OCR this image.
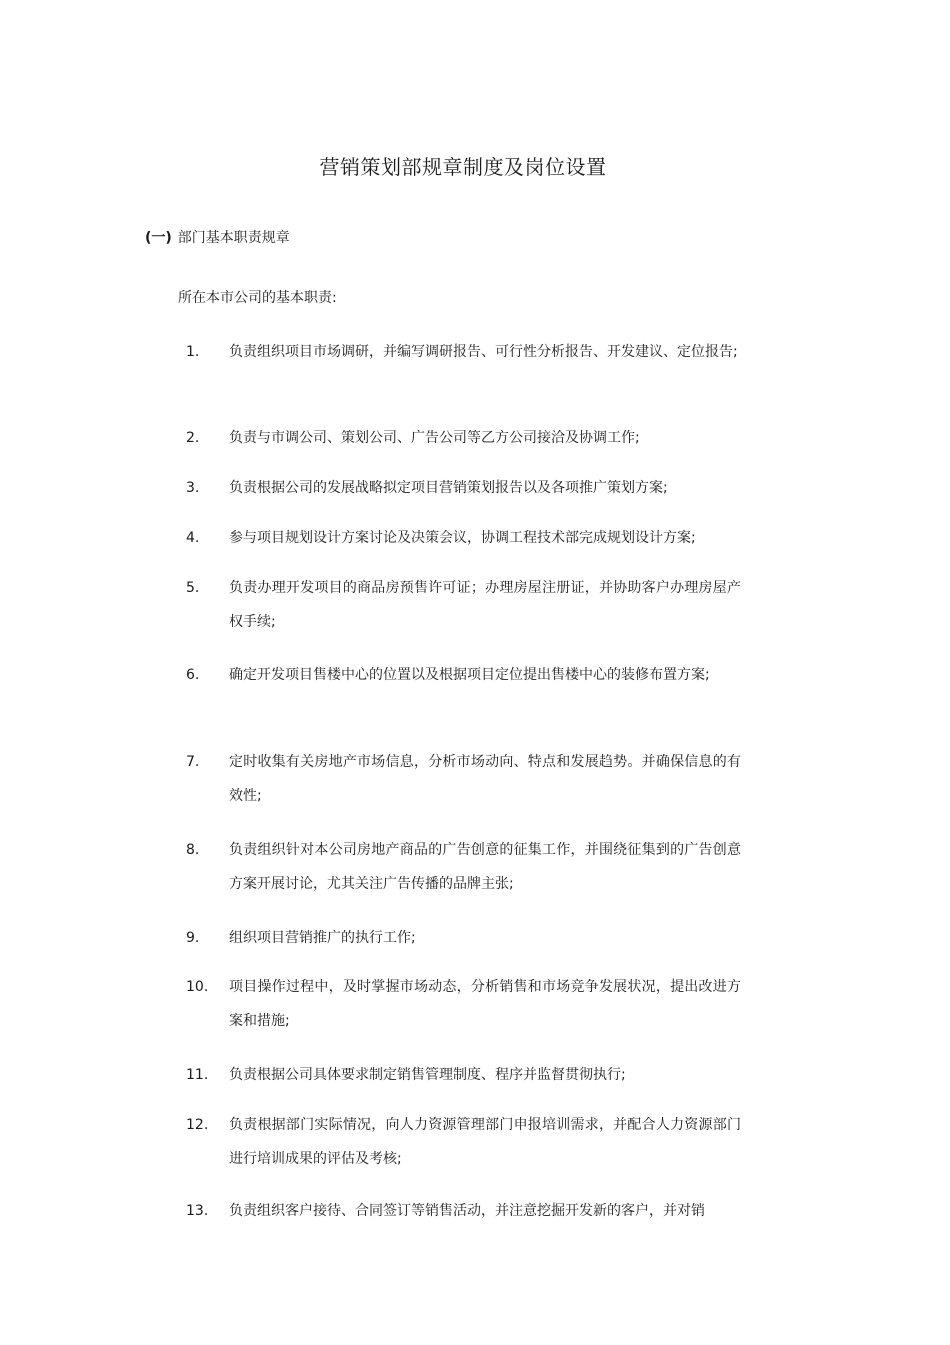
营销策划部规章制度及岗位设置
(一) 部门基本职责规章

所在本市公司的基本职责:

1. 负责组织项目市场调研，并编写调研报告、可行性分析报告、开发建议、定位报告;
2. 负责与市调公司、策划公司、广告公司等乙方公司接洽及协调工作;
3. 负责根据公司的发展战略拟定项目营销策划报告以及各项推广策划方案;
4. 参与项目规划设计方案讨论及决策会议，协调工程技术部完成规划设计方案;
5. 负责办理开发项目的商品房预售许可证；办理房屋注册证，并协助客户办理房屋产权手续;
6. 确定开发项目售楼中心的位置以及根据项目定位提出售楼中心的装修布置方案;
7. 定时收集有关房地产市场信息，分析市场动向、特点和发展趋势。并确保信息的有效性;
8. 负责组织针对本公司房地产商品的广告创意的征集工作，并围绕征集到的广告创意方案开展讨论，尤其关注广告传播的品牌主张;
9. 组织项目营销推广的执行工作;
10. 项目操作过程中，及时掌握市场动态，分析销售和市场竞争发展状况，提出改进方案和措施;
11. 负责根据公司具体要求制定销售管理制度、程序并监督贯彻执行;
12. 负责根据部门实际情况，向人力资源管理部门申报培训需求，并配合人力资源部门进行培训成果的评估及考核;
13. 负责组织客户接待、合同签订等销售活动，并注意挖掘开发新的客户，并对销
